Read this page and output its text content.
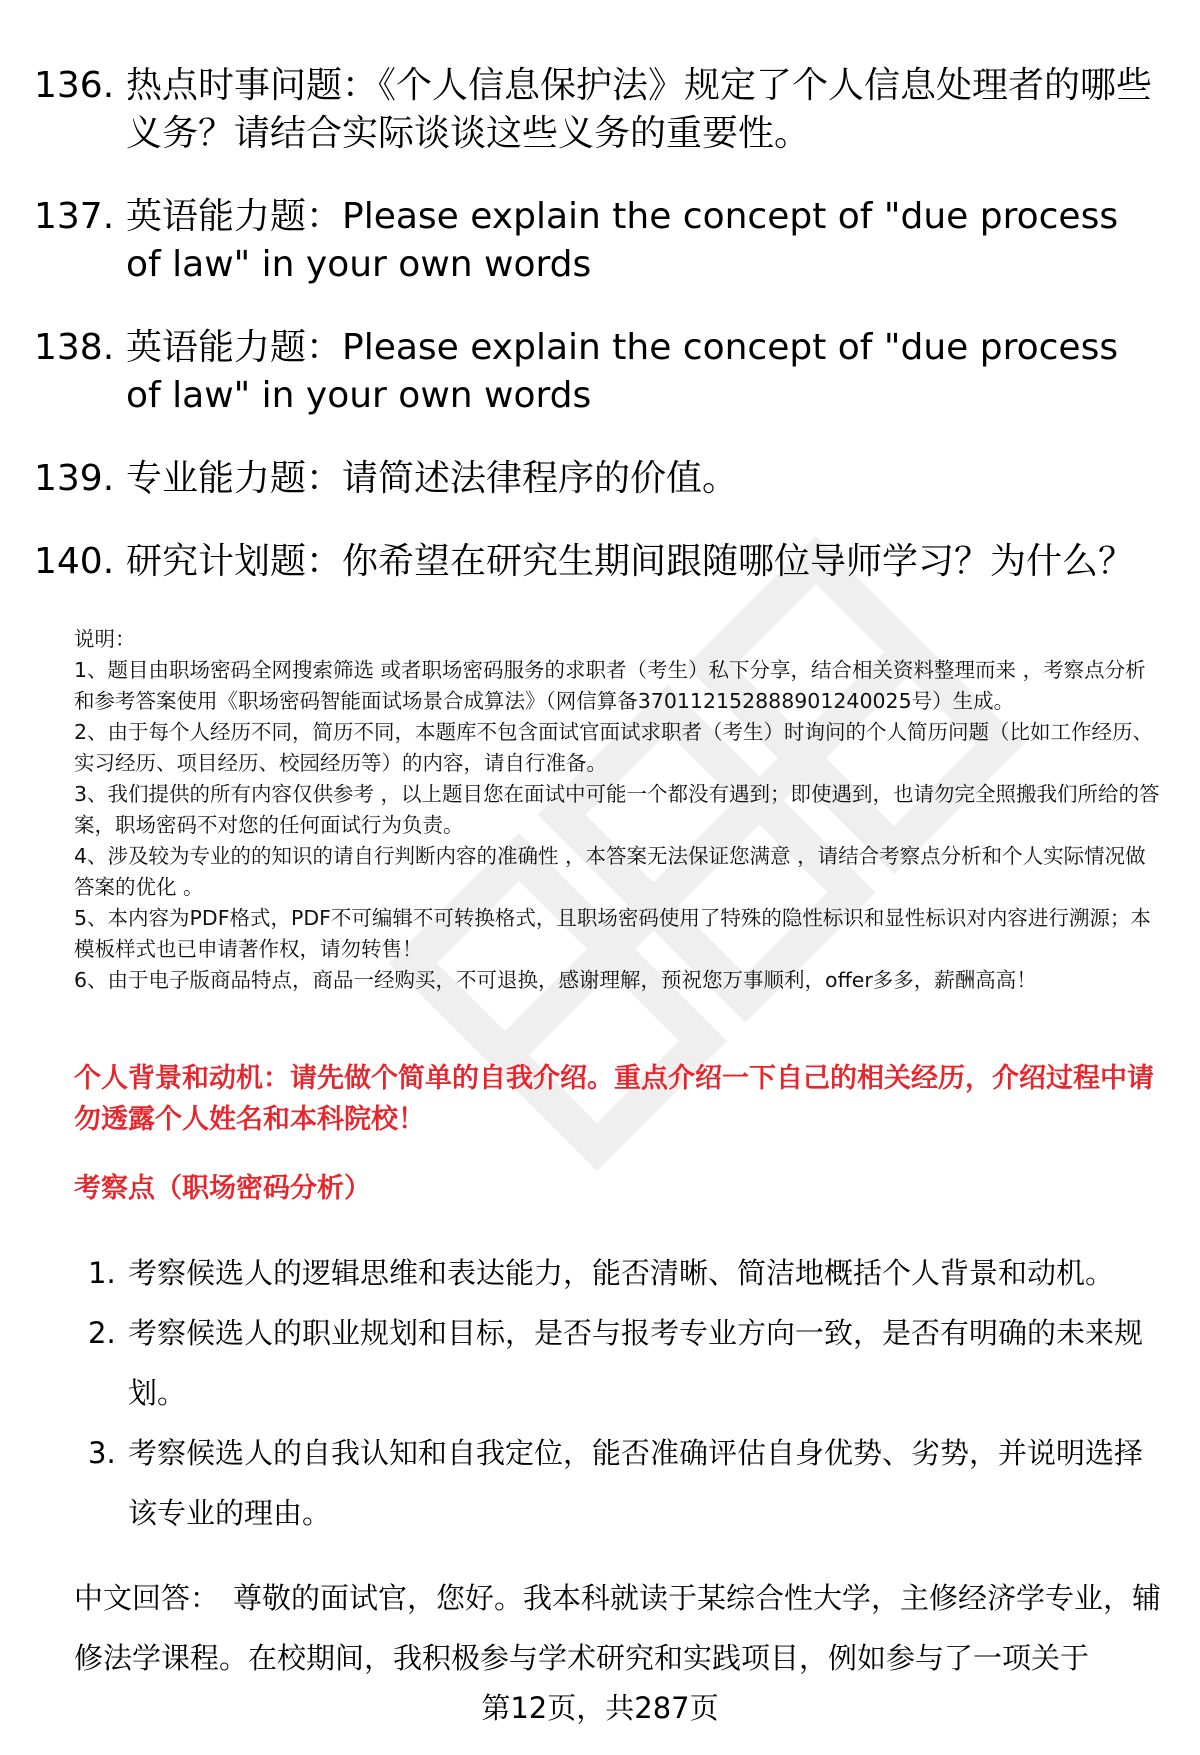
136. 热点时事问题：《个人信息保护法》规定了个人信息处理者的哪些义务？请结合实际谈谈这些义务的重要性。
137. 英语能力题：Please explain the concept of "due process of law" in your own words
138. 英语能力题：Please explain the concept of "due process of law" in your own words
139. 专业能力题：请简述法律程序的价值。
140. 研究计划题：你希望在研究生期间跟随哪位导师学习？为什么？

说明：

1、题目由职场密码全网搜索筛选 或者职场密码服务的求职者（考生）私下分享，结合相关资料整理而来 ，考察点分析和参考答案使用《职场密码智能面试场景合成算法》（网信算备370112152888901240025号）生成。

2、由于每个人经历不同，简历不同，本题库不包含面试官面试求职者（考生）时询问的个人简历问题（比如工作经历、实习经历、项目经历、校园经历等）的内容，请自行准备。

3、我们提供的所有内容仅供参考 ，以上题目您在面试中可能一个都没有遇到；即使遇到，也请勿完全照搬我们所给的答案，职场密码不对您的任何面试行为负责。

4、涉及较为专业的的知识的请自行判断内容的准确性 ，本答案无法保证您满意 ，请结合考察点分析和个人实际情况做答案的优化 。

5、本内容为PDF格式，PDF不可编辑不可转换格式，且职场密码使用了特殊的隐性标识和显性标识对内容进行溯源；本模板样式也已申请著作权，请勿转售！

6、由于电子版商品特点，商品一经购买，不可退换，感谢理解，预祝您万事顺利，offer多多，薪酬高高！

个人背景和动机：请先做个简单的自我介绍。重点介绍一下自己的相关经历，介绍过程中请勿透露个人姓名和本科院校！
考察点（职场密码分析）
1. 考察候选人的逻辑思维和表达能力，能否清晰、简洁地概括个人背景和动机。
2. 考察候选人的职业规划和目标，是否与报考专业方向一致，是否有明确的未来规划。
3. 考察候选人的自我认知和自我定位，能否准确评估自身优势、劣势，并说明选择该专业的理由。
中文回答： 尊敬的面试官，您好。我本科就读于某综合性大学，主修经济学专业，辅修法学课程。在校期间，我积极参与学术研究和实践项目，例如参与了一项关于
第12页，共287页
